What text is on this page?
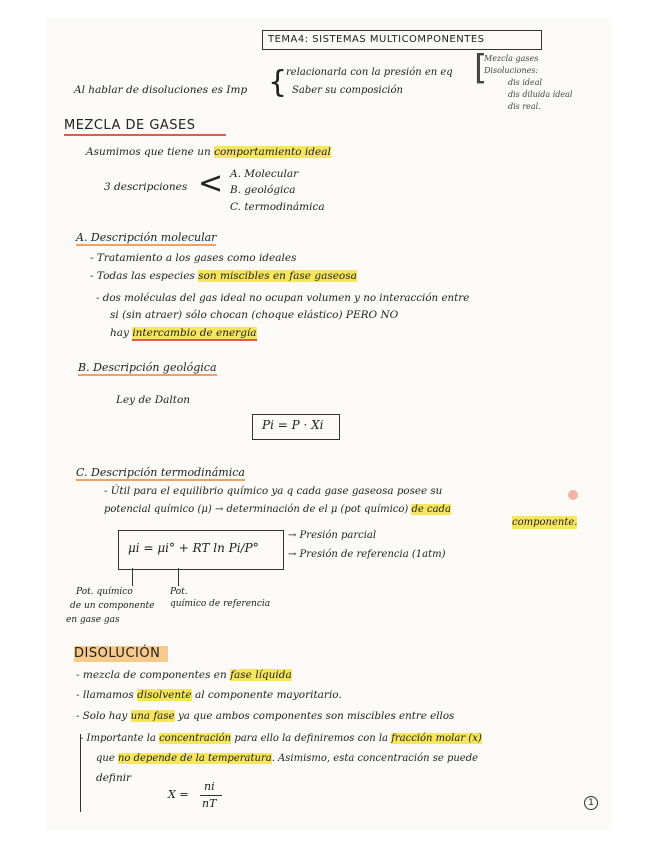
TEMA4: SISTEMAS MULTICOMPONENTES
Al hablar de disoluciones es Imp {
relacionarla con la presión en eq
Saber su composición
[
Mezcla gases
Disoluciones:
dis ideal
dis diluida ideal
dis real.
MEZCLA DE GASES
Asumimos que tiene un comportamiento ideal
3 descripciones < A. Molecular
B. geológica
C. termodinámica
A. Descripción molecular
- Tratamiento a los gases como ideales
- Todas las especies son miscibles en fase gaseosa
- dos moléculas del gas ideal no ocupan volumen y no interacción entre
si (sin atraer) sólo chocan (choque elástico) PERO NO
hay intercambio de energía
B. Descripción geológica
Ley de Dalton
Pi = P · Xi
C. Descripción termodinámica
- Útil para el equilibrio químico ya q cada gase gaseosa posee su
potencial químico (μ) → determinación de el μ (pot químico) de cada
componente.
μi = μi° + RT ln Pi/P°
→ Presión parcial
→ Presión de referencia (1atm)
Pot. químico
de un componente
en gase gas
Pot.
químico de referencia
DISOLUCIÓN
- mezcla de componentes en fase líquida
- llamamos disolvente al componente mayoritario.
- Solo hay una fase ya que ambos componentes son miscibles entre ellos
- Importante la concentración para ello la definiremos con la fracción molar (x)
que no depende de la temperatura. Asimismo, esta concentración se puede
definir
X =
ni
nT	1
